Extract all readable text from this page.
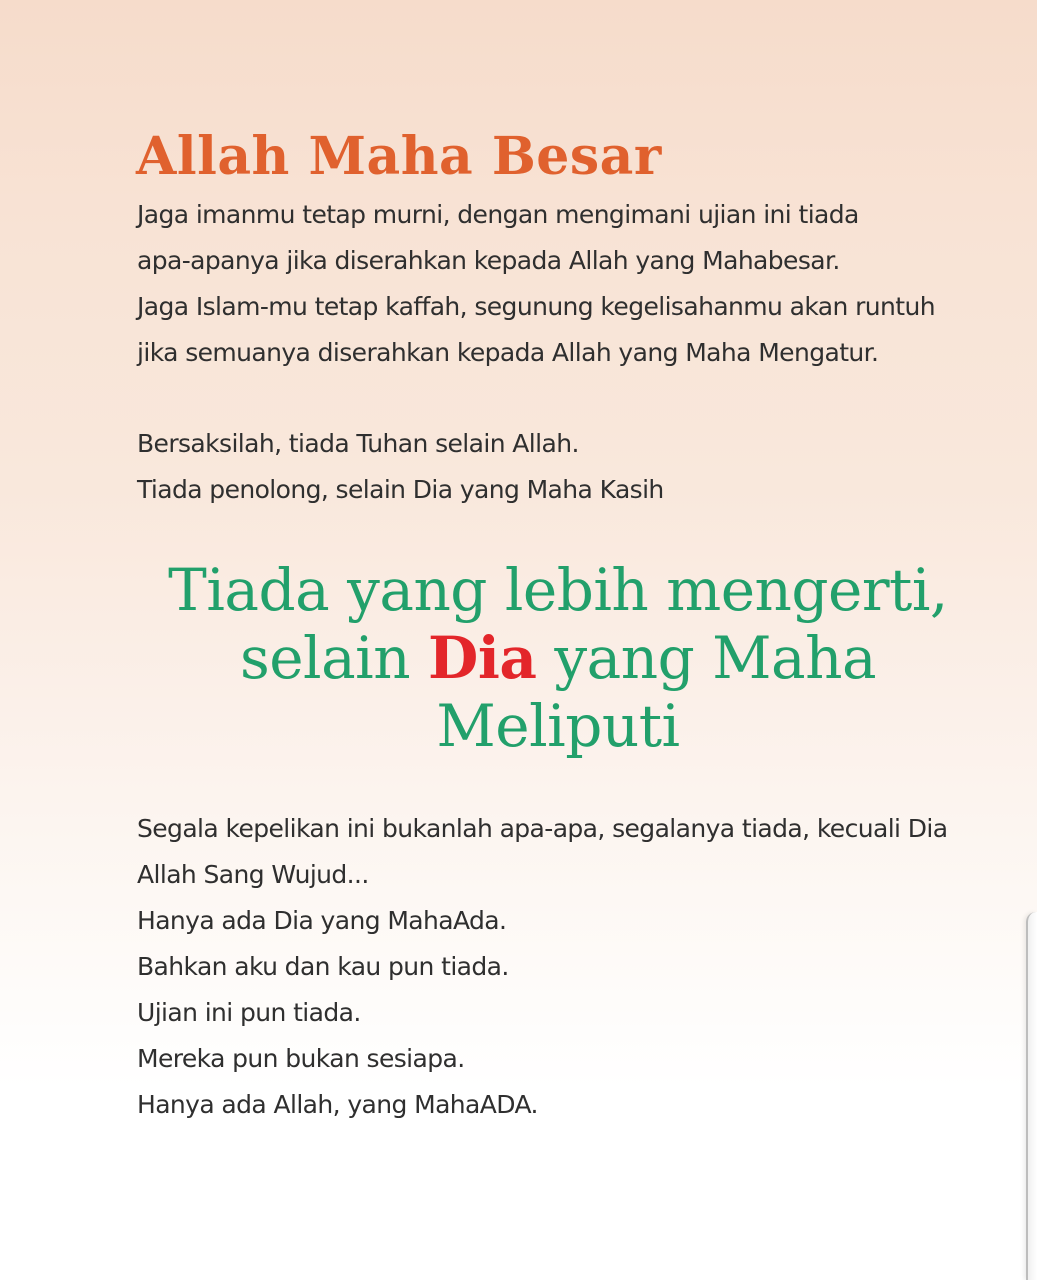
Allah Maha Besar

Jaga imanmu tetap murni, dengan mengimani ujian ini tiada
apa-apanya jika diserahkan kepada Allah yang Mahabesar.
Jaga Islam-mu tetap kaffah, segunung kegelisahanmu akan runtuh
jika semuanya diserahkan kepada Allah yang Maha Mengatur.

Bersaksilah, tiada Tuhan selain Allah.
Tiada penolong, selain Dia yang Maha Kasih

Tiada yang lebih mengerti,
selain Dia yang Maha
Meliputi

Segala kepelikan ini bukanlah apa-apa, segalanya tiada, kecuali Dia
Allah Sang Wujud...
Hanya ada Dia yang MahaAda.
Bahkan aku dan kau pun tiada.
Ujian ini pun tiada.
Mereka pun bukan sesiapa.
Hanya ada Allah, yang MahaADA.
